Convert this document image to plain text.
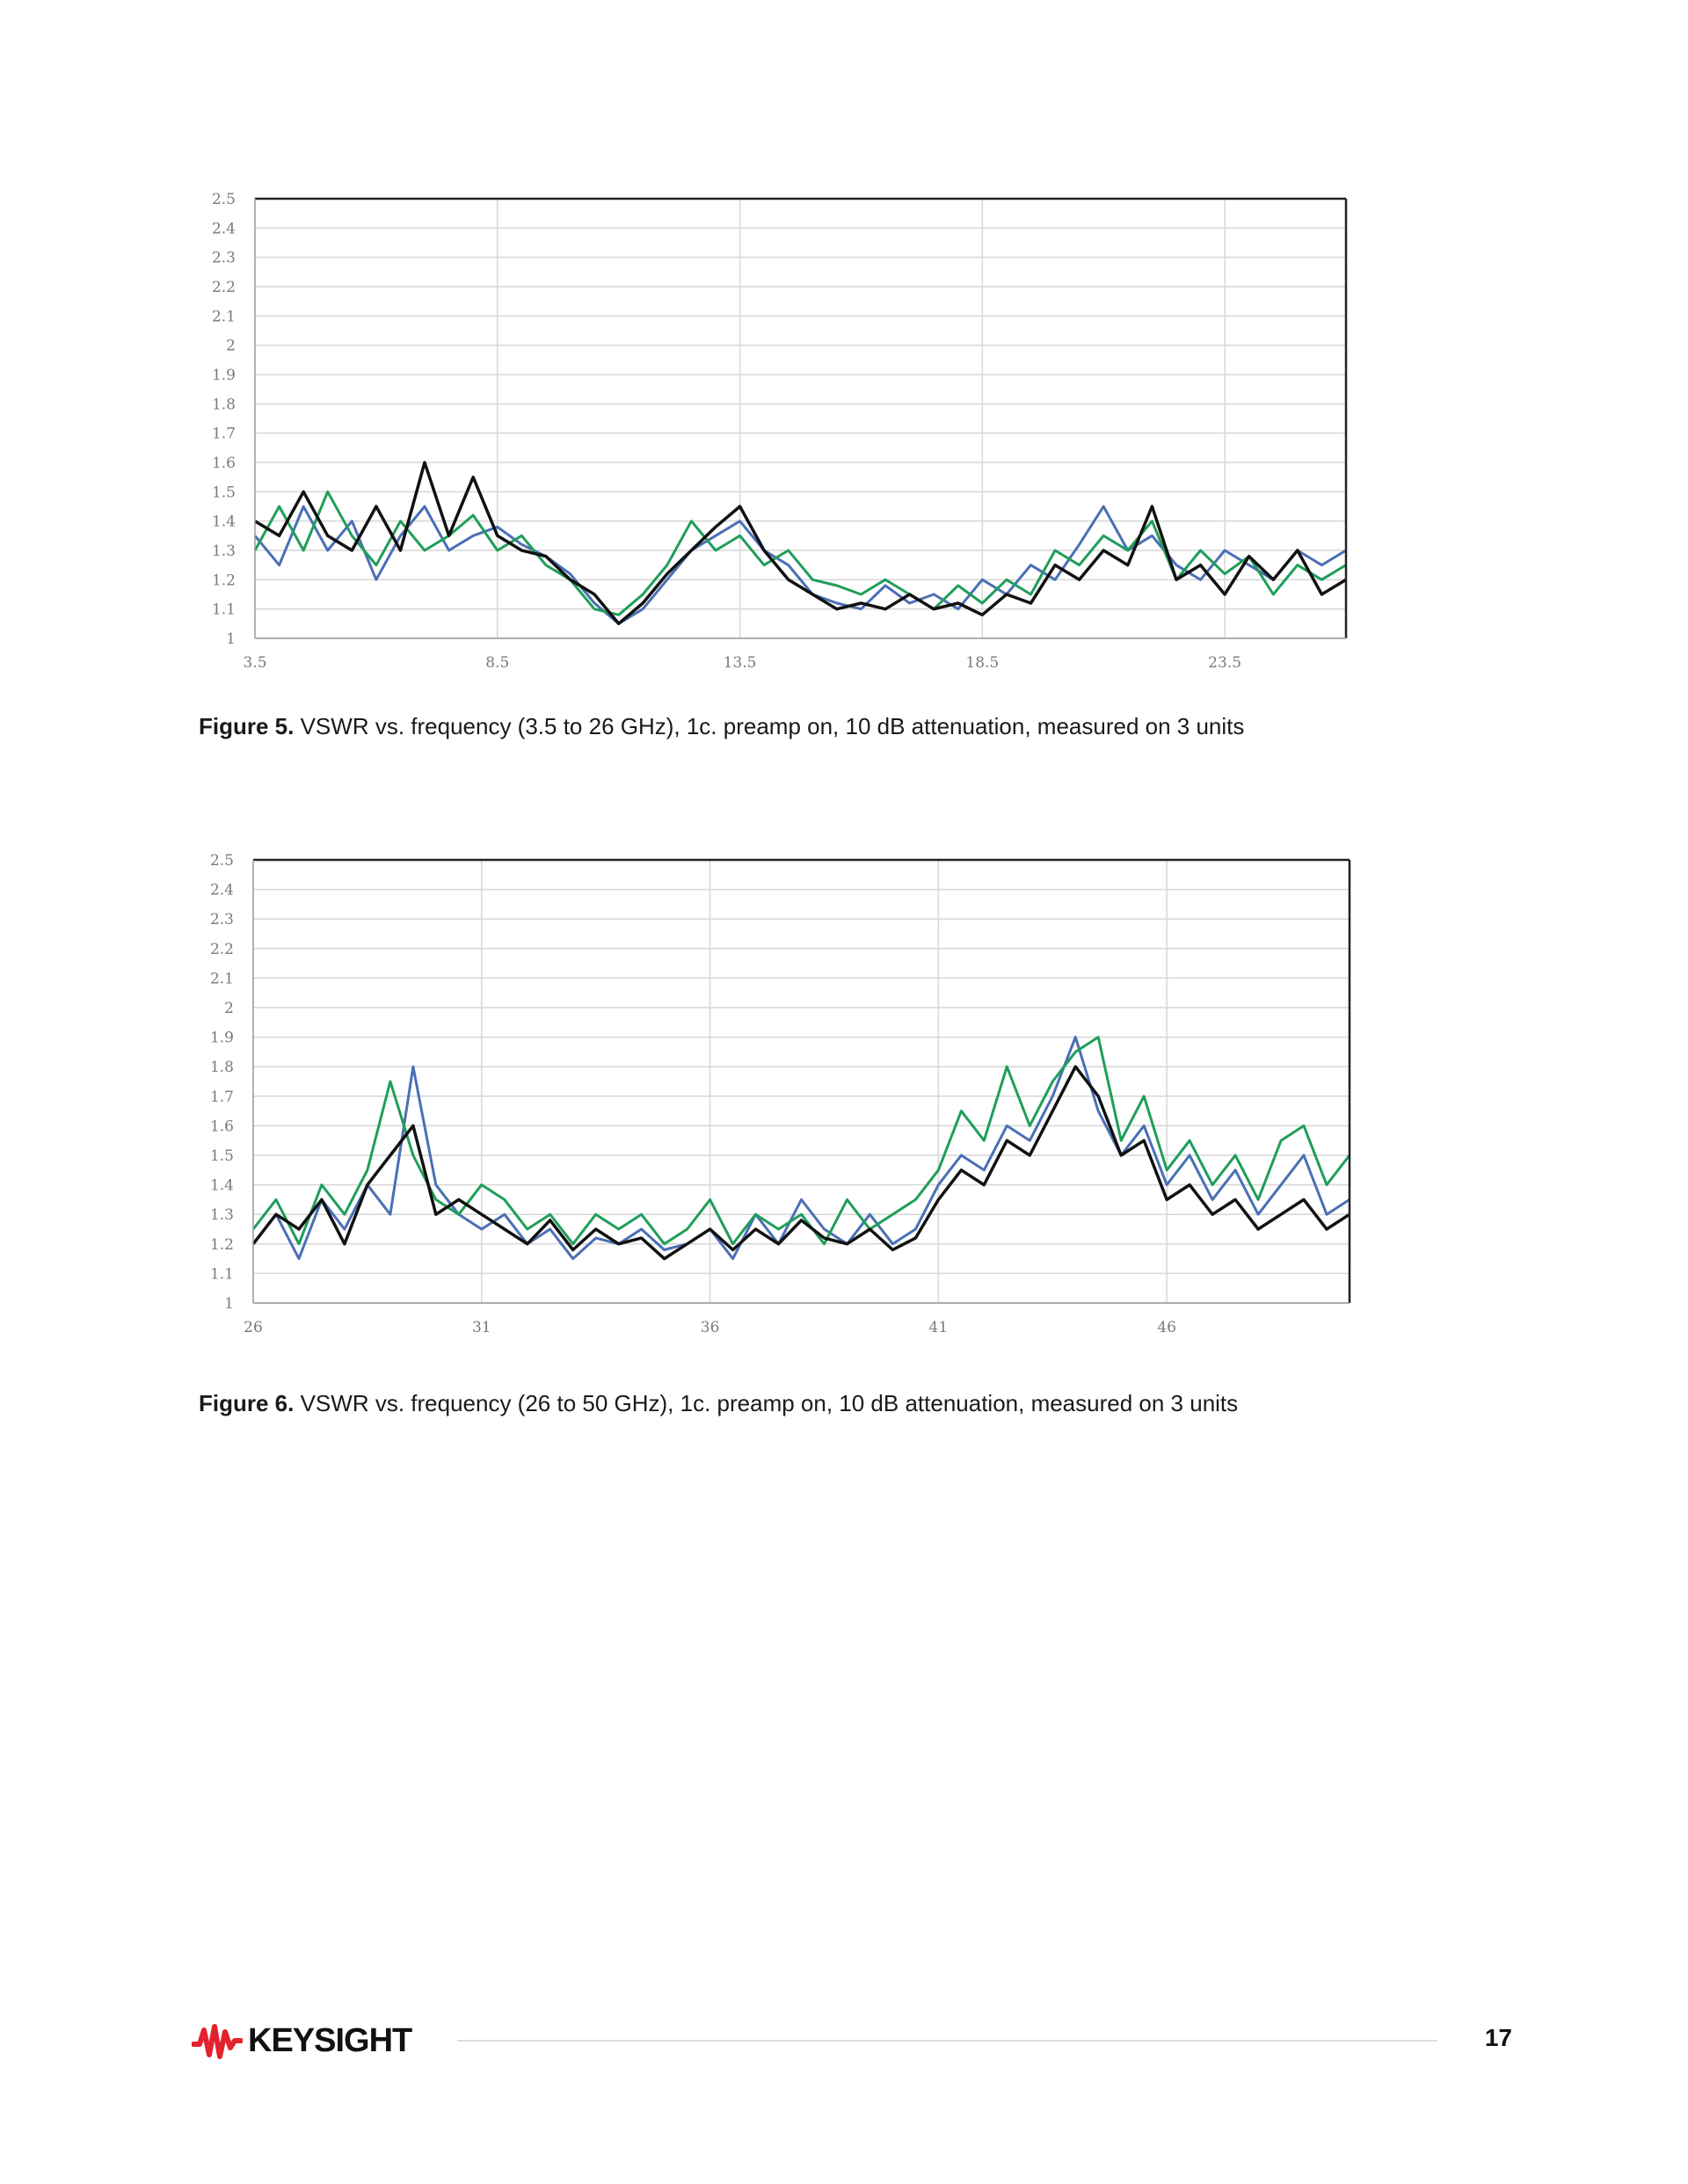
1
1.1
1.2
1.3
1.4
1.5
1.6
1.7
1.8
1.9
2
2.1
2.2
2.3
2.4
2.5
3.5	8.5	13.5	18.5	23.5
Figure 5. VSWR vs. frequency (3.5 to 26 GHz), 1c. preamp on, 10 dB attenuation, measured on 3 units
1
1.1
1.2
1.3
1.4
1.5
1.6
1.7
1.8
1.9
2
2.1
2.2
2.3
2.4
2.5
26	31	36	41	46
Figure 6. VSWR vs. frequency (26 to 50 GHz), 1c. preamp on, 10 dB attenuation, measured on 3 units
KEYSIGHT	17
